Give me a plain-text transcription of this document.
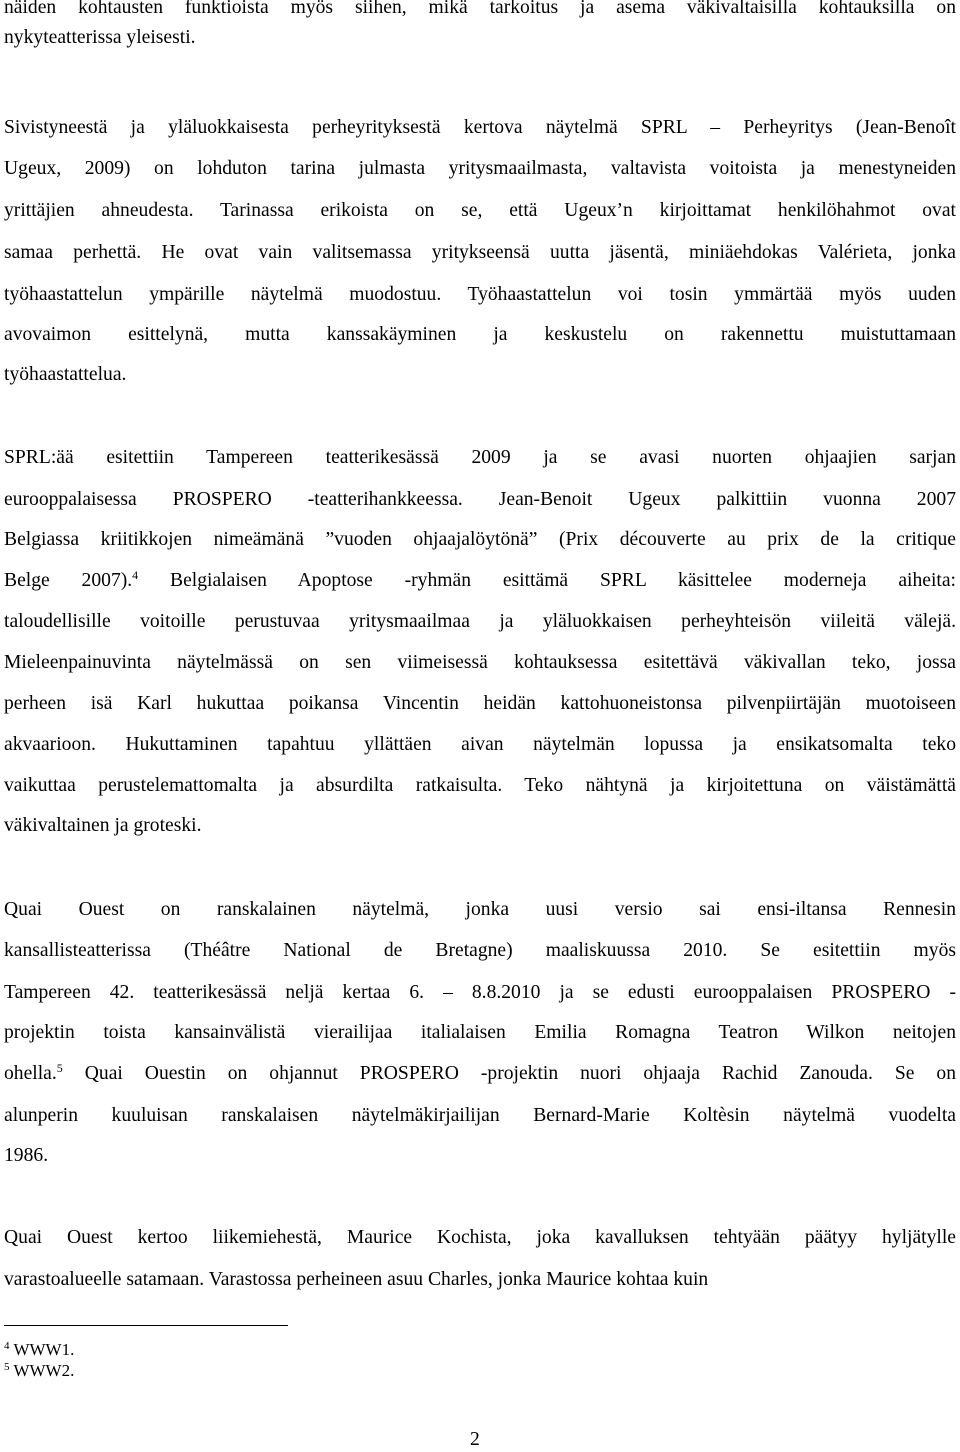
$^4$ WWW1.
$^5$ WWW2.
2
näiden kohtausten funktioista myös siihen, mikä tarkoitus ja asema väkivaltaisilla kohtauksilla on
nykyteatterissa yleisesti.
Sivistyneestä ja yläluokkaisesta perheyrityksestä kertova näytelmä SPRL – Perheyritys (Jean-Benoît
Ugeux, 2009) on lohduton tarina julmasta yritysmaailmasta, valtavista voitoista ja menestyneiden
yrittäjien ahneudesta. Tarinassa erikoista on se, että Ugeux’n kirjoittamat henkilöhahmot ovat
samaa perhettä. He ovat vain valitsemassa yritykseensä uutta jäsentä, miniäehdokas Valérieta, jonka
työhaastattelun ympärille näytelmä muodostuu. Työhaastattelun voi tosin ymmärtää myös uuden
avovaimon esittelynä, mutta kanssakäyminen ja keskustelu on rakennettu muistuttamaan
työhaastattelua.
SPRL:ää esitettiin Tampereen teatterikesässä 2009 ja se avasi nuorten ohjaajien sarjan
eurooppalaisessa PROSPERO -teatterihankkeessa. Jean-Benoit Ugeux palkittiin vuonna 2007
Belgiassa kriitikkojen nimeämänä ”vuoden ohjaajalöytönä” (Prix découverte au prix de la critique
Belge 2007).$^4$ Belgialaisen Apoptose -ryhmän esittämä SPRL käsittelee moderneja aiheita:
taloudellisille voitoille perustuvaa yritysmaailmaa ja yläluokkaisen perheyhteisön viileitä välejä.
Mieleenpainuvinta näytelmässä on sen viimeisessä kohtauksessa esitettävä väkivallan teko, jossa
perheen isä Karl hukuttaa poikansa Vincentin heidän kattohuoneistonsa pilvenpiirtäjän muotoiseen
akvaarioon. Hukuttaminen tapahtuu yllättäen aivan näytelmän lopussa ja ensikatsomalta teko
vaikuttaa perustelemattomalta ja absurdilta ratkaisulta. Teko nähtynä ja kirjoitettuna on väistämättä
väkivaltainen ja groteski.
Quai Ouest on ranskalainen näytelmä, jonka uusi versio sai ensi-iltansa Rennesin
kansallisteatterissa (Théâtre National de Bretagne) maaliskuussa 2010. Se esitettiin myös
Tampereen 42. teatterikesässä neljä kertaa 6. – 8.8.2010 ja se edusti eurooppalaisen PROSPERO -
projektin toista kansainvälistä vierailijaa italialaisen Emilia Romagna Teatron Wilkon neitojen
ohella.$^5$ Quai Ouestin on ohjannut PROSPERO -projektin nuori ohjaaja Rachid Zanouda. Se on
alunperin kuuluisan ranskalaisen näytelmäkirjailijan Bernard-Marie Koltèsin näytelmä vuodelta
1986.
Quai Ouest kertoo liikemiehestä, Maurice Kochista, joka kavalluksen tehtyään päätyy hyljätylle
varastoalueelle satamaan. Varastossa perheineen asuu Charles, jonka Maurice kohtaa kuin
